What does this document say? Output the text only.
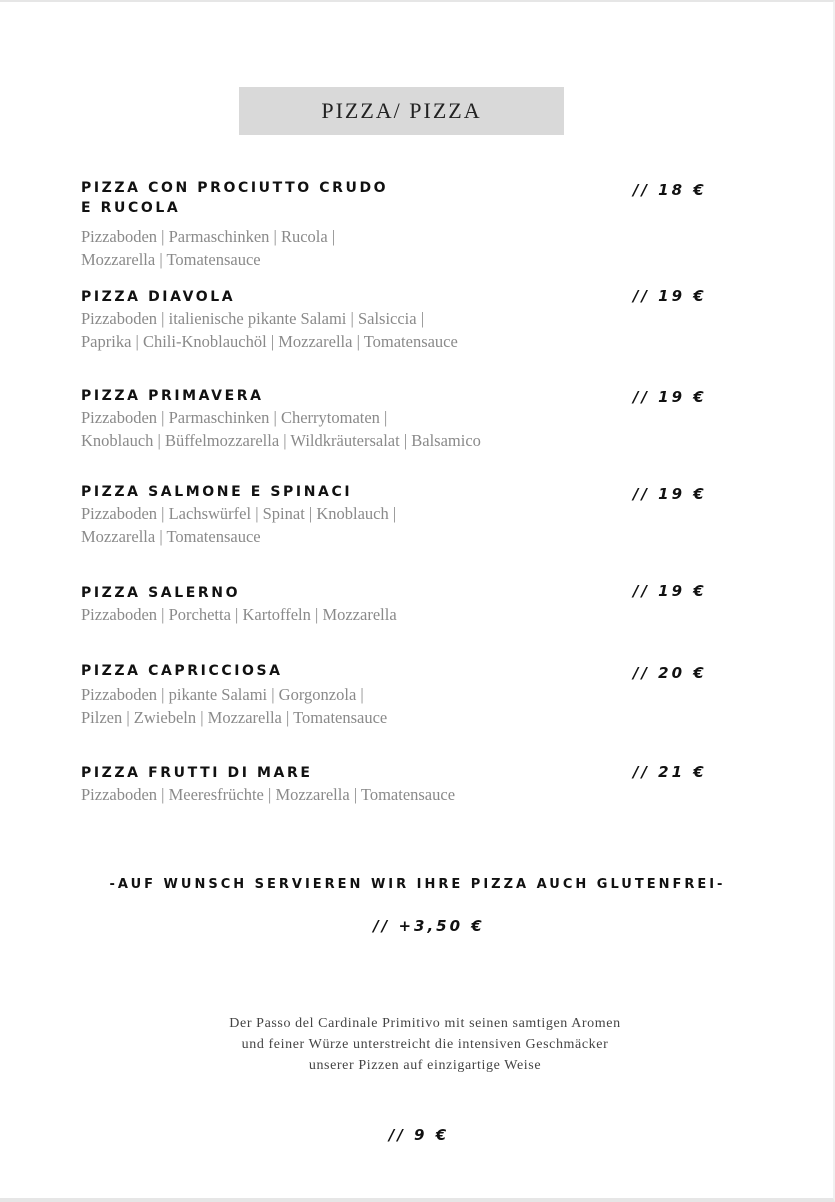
PIZZA/ PIZZA
PIZZA CON PROCIUTTO CRUDO
E RUCOLA
// 18 €
Pizzaboden | Parmaschinken | Rucola |
Mozzarella | Tomatensauce
PIZZA DIAVOLA	// 19 €
Pizzaboden | italienische pikante Salami | Salsiccia |
Paprika | Chili-Knoblauchöl | Mozzarella | Tomatensauce
PIZZA PRIMAVERA	// 19 €
Pizzaboden | Parmaschinken | Cherrytomaten |
Knoblauch | Büffelmozzarella | Wildkräutersalat | Balsamico
PIZZA SALMONE E SPINACI	// 19 €
Pizzaboden | Lachswürfel | Spinat | Knoblauch |
Mozzarella | Tomatensauce
PIZZA SALERNO	// 19 €
Pizzaboden | Porchetta | Kartoffeln | Mozzarella
PIZZA CAPRICCIOSA	// 20 €
Pizzaboden | pikante Salami | Gorgonzola |
Pilzen | Zwiebeln | Mozzarella | Tomatensauce
PIZZA FRUTTI DI MARE	// 21 €
Pizzaboden | Meeresfrüchte | Mozzarella | Tomatensauce
-AUF WUNSCH SERVIEREN WIR IHRE PIZZA AUCH GLUTENFREI-
// +3,50 €
Der Passo del Cardinale Primitivo mit seinen samtigen Aromen
und feiner Würze unterstreicht die intensiven Geschmäcker
unserer Pizzen auf einzigartige Weise
// 9 €
